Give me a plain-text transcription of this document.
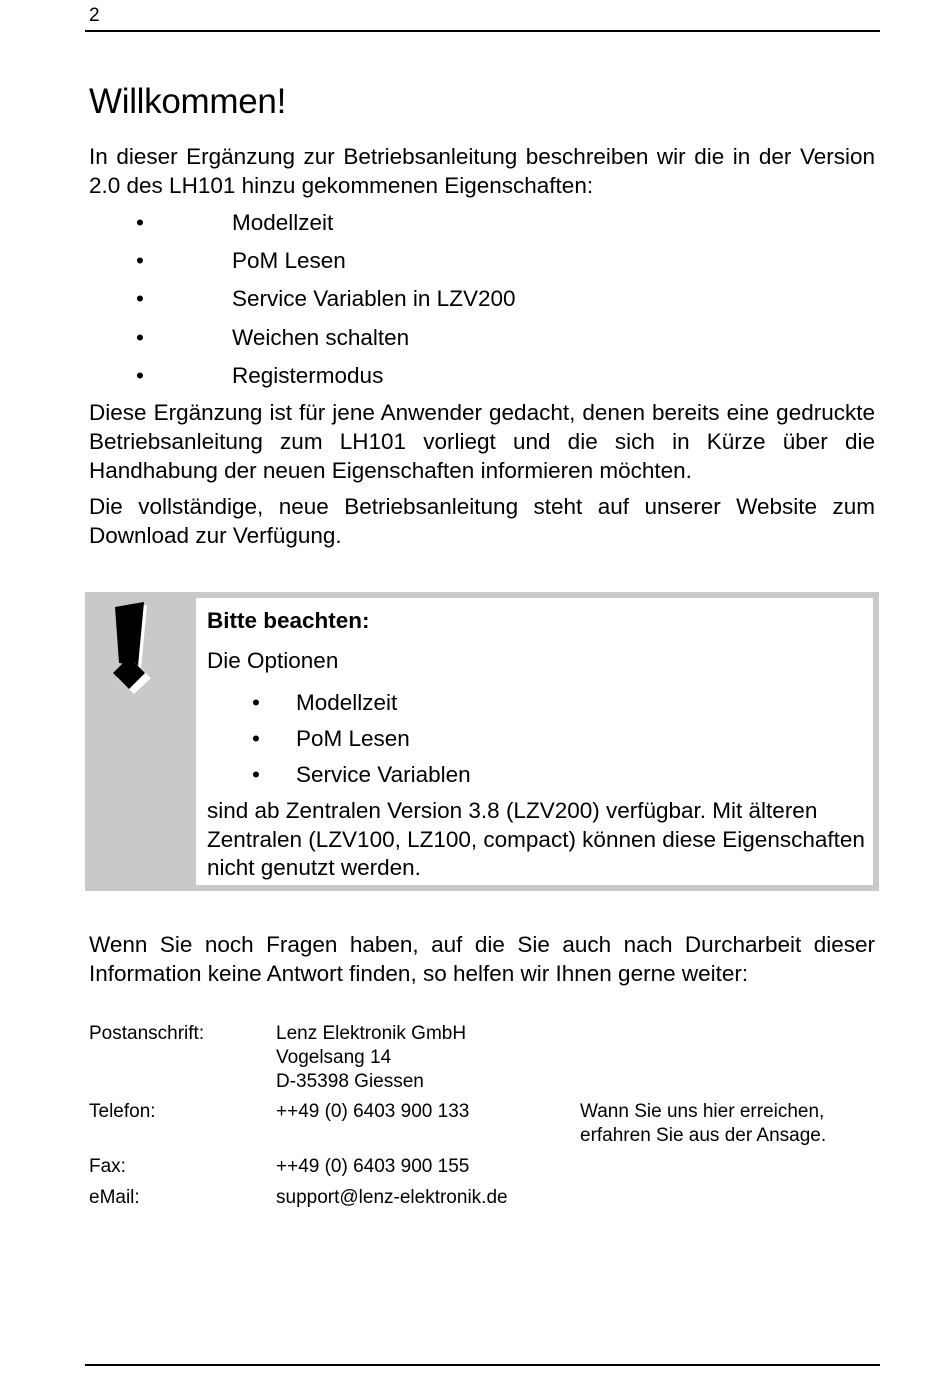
2
Willkommen!

In dieser Ergänzung zur Betriebsanleitung beschreiben wir die in der Version 2.0 des LH101 hinzu gekommenen Eigenschaften:

•	Modellzeit
•	PoM Lesen
•	Service Variablen in LZV200
•	Weichen schalten
•	Registermodus

Diese Ergänzung ist für jene Anwender gedacht, denen bereits eine gedruckte Betriebsanleitung zum LH101 vorliegt und die sich in Kürze über die Handhabung der neuen Eigenschaften informieren möchten.

Die vollständige, neue Betriebsanleitung steht auf unserer Website zum Download zur Verfügung.

Bitte beachten:
Die Optionen
• Modellzeit
• PoM Lesen
• Service Variablen

sind ab Zentralen Version 3.8 (LZV200) verfügbar. Mit älteren Zentralen (LZV100, LZ100, compact) können diese Eigenschaften nicht genutzt werden.

Wenn Sie noch Fragen haben, auf die Sie auch nach Durcharbeit dieser Information keine Antwort finden, so helfen wir Ihnen gerne weiter:

Postanschrift:	Lenz Elektronik GmbH
Vogelsang 14
D-35398 Giessen
Telefon:	++49 (0) 6403 900 133	Wann Sie uns hier erreichen,
erfahren Sie aus der Ansage.
Fax:	++49 (0) 6403 900 155
eMail:	support@lenz-elektronik.de
